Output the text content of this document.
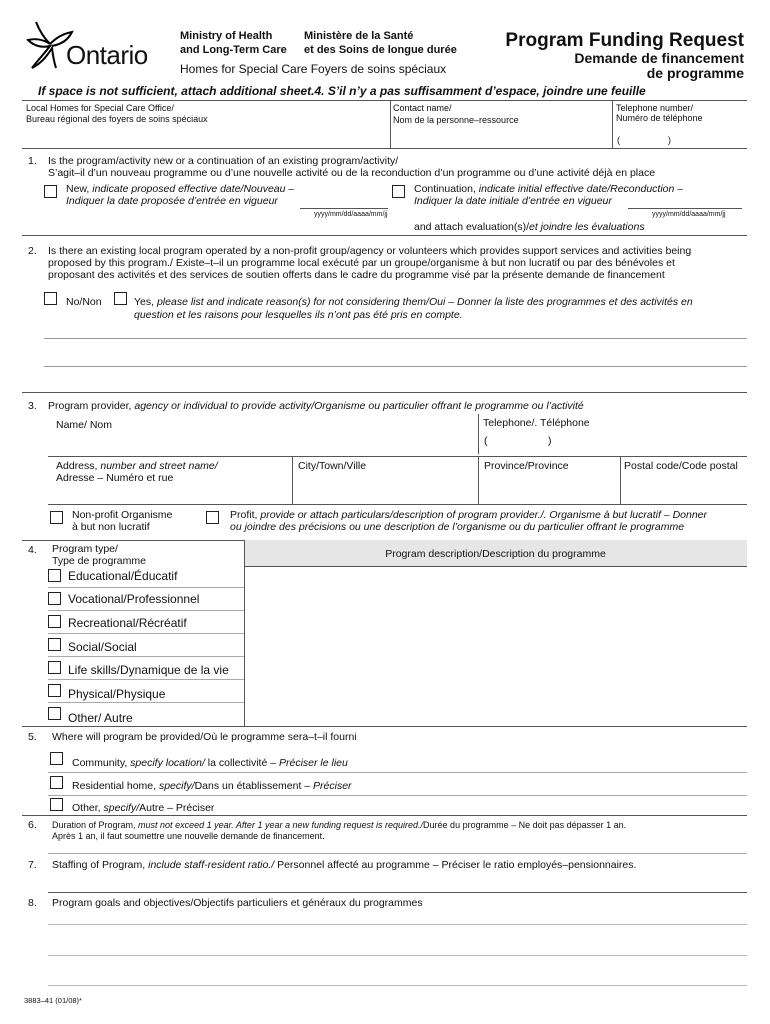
Ontario
Ministry of Health
and Long-Term Care
Ministère de la Santé
et des Soins de longue durée
Homes for Special Care Foyers de soins spéciaux
Program Funding Request
Demande de financement
de programme
If space is not sufficient, attach additional sheet.4. S’il n’y a pas suffisamment d’espace, joindre une feuille
Local Homes for Special Care Office/
Bureau régional des foyers de soins spéciaux
Contact name/
Nom de la personne–ressource
Telephone number/
Numéro de téléphone
(	)
1. Is the program/activity new or a continuation of an existing program/activity/
S’agit–il d’un nouveau programme ou d’une nouvelle activité ou de la reconduction d’un programme ou d’une activité déjà en place
New, indicate proposed effective date/Nouveau –
Indiquer la date proposée d’entrée en vigueur
yyyy/mm/dd/aaaa/mm/jj
Continuation, indicate initial effective date/Reconduction –
Indiquer la date initiale d’entrée en vigueur
yyyy/mm/dd/aaaa/mm/jj
and attach evaluation(s)/et joindre les évaluations
2. Is there an existing local program operated by a non-profit group/agency or volunteers which provides support services and activities being
proposed by this program./ Existe–t–il un programme local exécuté par un groupe/organisme à but non lucratif ou par des bénévoles et
proposant des activités et des services de soutien offerts dans le cadre du programme visé par la présente demande de financement
No/Non	Yes, please list and indicate reason(s) for not considering them/Oui – Donner la liste des programmes et des activités en
question et les raisons pour lesquelles ils n’ont pas été pris en compte.
3. Program provider, agency or individual to provide activity/Organisme ou particulier offrant le programme ou l’activité
Name/ Nom	Telephone/. Téléphone
(	)
Address, number and street name/
Adresse – Numéro et rue
City/Town/Ville	Province/Province	Postal code/Code postal
Non-profit Organisme
à but non lucratif
Profit, provide or attach particulars/description of program provider./. Organisme à but lucratif – Donner
ou joindre des précisions ou une description de l’organisme ou du particulier offrant le programme
4. Program type/
Type de programme
Program description/Description du programme
Educational/Éducatif
Vocational/Professionnel
Recreational/Récréatif
Social/Social
Life skills/Dynamique de la vie
Physical/Physique
Other/ Autre
5. Where will program be provided/Où le programme sera–t–il fourni
Community, specify location/ la collectivité – Préciser le lieu
Residential home, specify/Dans un établissement – Préciser
Other, specify/Autre – Préciser
6. Duration of Program, must not exceed 1 year. After 1 year a new funding request is required./Durée du programme – Ne doit pas dépasser 1 an.
Après 1 an, il faut soumettre une nouvelle demande de financement.
7. Staffing of Program, include staff-resident ratio./ Personnel affecté au programme – Préciser le ratio employés–pensionnaires.
8. Program goals and objectives/Objectifs particuliers et généraux du programmes
3883–41 (01/08)*
